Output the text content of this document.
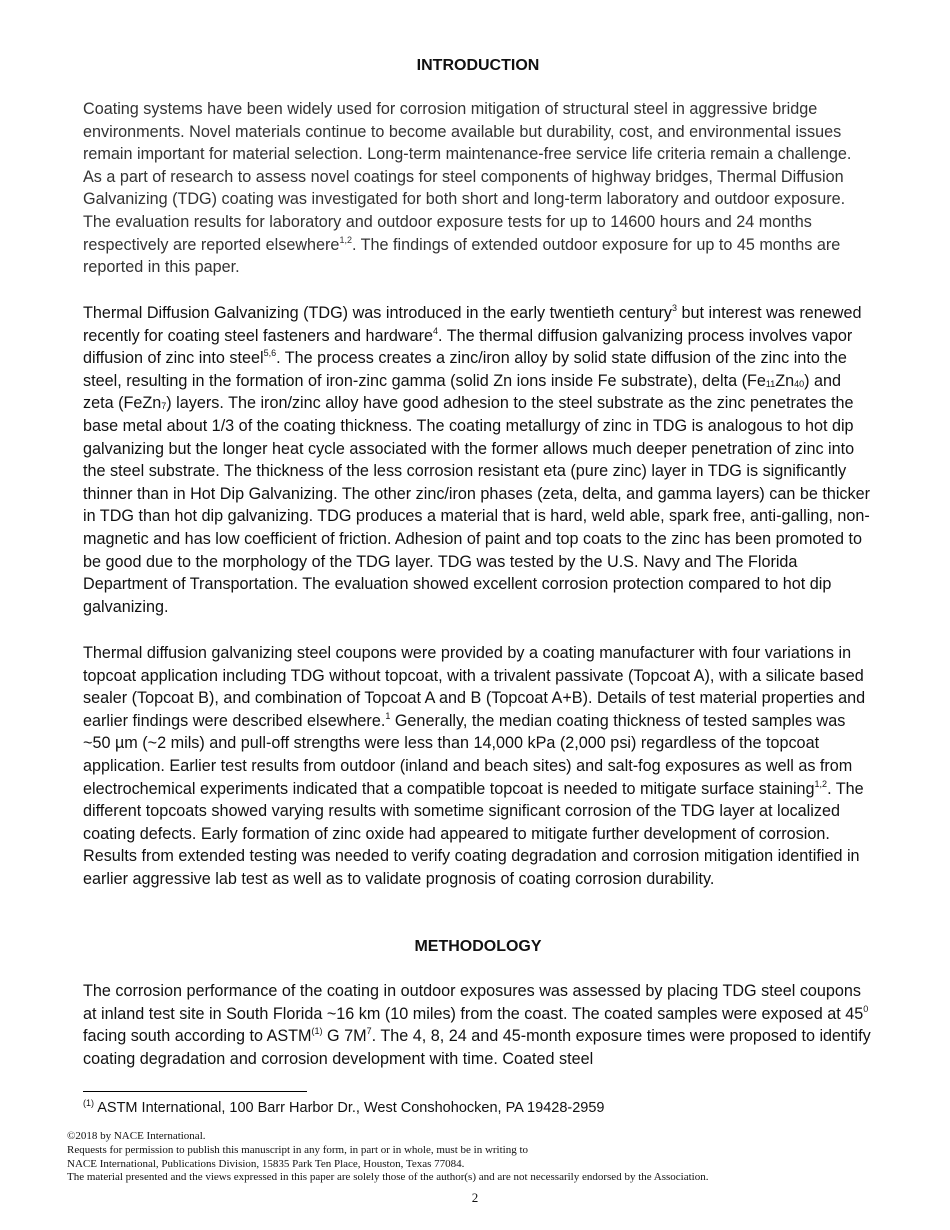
INTRODUCTION

Coating systems have been widely used for corrosion mitigation of structural steel in aggressive bridge environments. Novel materials continue to become available but durability, cost, and environmental issues remain important for material selection. Long-term maintenance-free service life criteria remain a challenge. As a part of research to assess novel coatings for steel components of highway bridges, Thermal Diffusion Galvanizing (TDG) coating was investigated for both short and long-term laboratory and outdoor exposure. The evaluation results for laboratory and outdoor exposure tests for up to 14600 hours and 24 months respectively are reported elsewhere$^{1,2}$. The findings of extended outdoor exposure for up to 45 months are reported in this paper.

Thermal Diffusion Galvanizing (TDG) was introduced in the early twentieth century$^3$ but interest was renewed recently for coating steel fasteners and hardware$^4$. The thermal diffusion galvanizing process involves vapor diffusion of zinc into steel$^{5,6}$. The process creates a zinc/iron alloy by solid state diffusion of the zinc into the steel, resulting in the formation of iron-zinc gamma (solid Zn ions inside Fe substrate), delta $(Fe_{11}Zn_{40})$ and zeta (FeZn$_7$) layers. The iron/zinc alloy have good adhesion to the steel substrate as the zinc penetrates the base metal about 1/3 of the coating thickness. The coating metallurgy of zinc in TDG is analogous to hot dip galvanizing but the longer heat cycle associated with the former allows much deeper penetration of zinc into the steel substrate. The thickness of the less corrosion resistant eta (pure zinc) layer in TDG is significantly thinner than in Hot Dip Galvanizing. The other zinc/iron phases (zeta, delta, and gamma layers) can be thicker in TDG than hot dip galvanizing. TDG produces a material that is hard, weld able, spark free, anti-galling, non-magnetic and has low coefficient of friction. Adhesion of paint and top coats to the zinc has been promoted to be good due to the morphology of the TDG layer. TDG was tested by the U.S. Navy and The Florida Department of Transportation. The evaluation showed excellent corrosion protection compared to hot dip galvanizing.

Thermal diffusion galvanizing steel coupons were provided by a coating manufacturer with four variations in topcoat application including TDG without topcoat, with a trivalent passivate (Topcoat A), with a silicate based sealer (Topcoat B), and combination of Topcoat A and B (Topcoat A+B). Details of test material properties and earlier findings were described elsewhere.$^1$ Generally, the median coating thickness of tested samples was ~50 µm (~2 mils) and pull-off strengths were less than 14,000 kPa (2,000 psi) regardless of the topcoat application. Earlier test results from outdoor (inland and beach sites) and salt-fog exposures as well as from electrochemical experiments indicated that a compatible topcoat is needed to mitigate surface staining$^{1,2}$. The different topcoats showed varying results with sometime significant corrosion of the TDG layer at localized coating defects. Early formation of zinc oxide had appeared to mitigate further development of corrosion. Results from extended testing was needed to verify coating degradation and corrosion mitigation identified in earlier aggressive lab test as well as to validate prognosis of coating corrosion durability.

METHODOLOGY

The corrosion performance of the coating in outdoor exposures was assessed by placing TDG steel coupons at inland test site in South Florida ~16 km (10 miles) from the coast. The coated samples were exposed at $45^0$ facing south according to ASTM$^{(1)}$ G $7M^7$. The 4, 8, 24 and 45-month exposure times were proposed to identify coating degradation and corrosion development with time. Coated steel

$^{(1)}$ ASTM International, 100 Barr Harbor Dr., West Conshohocken, PA 19428-2959
©2018 by NACE International.
Requests for permission to publish this manuscript in any form, in part or in whole, must be in writing to
NACE International, Publications Division, 15835 Park Ten Place, Houston, Texas 77084.
The material presented and the views expressed in this paper are solely those of the author(s) and are not necessarily endorsed by the Association.
2
